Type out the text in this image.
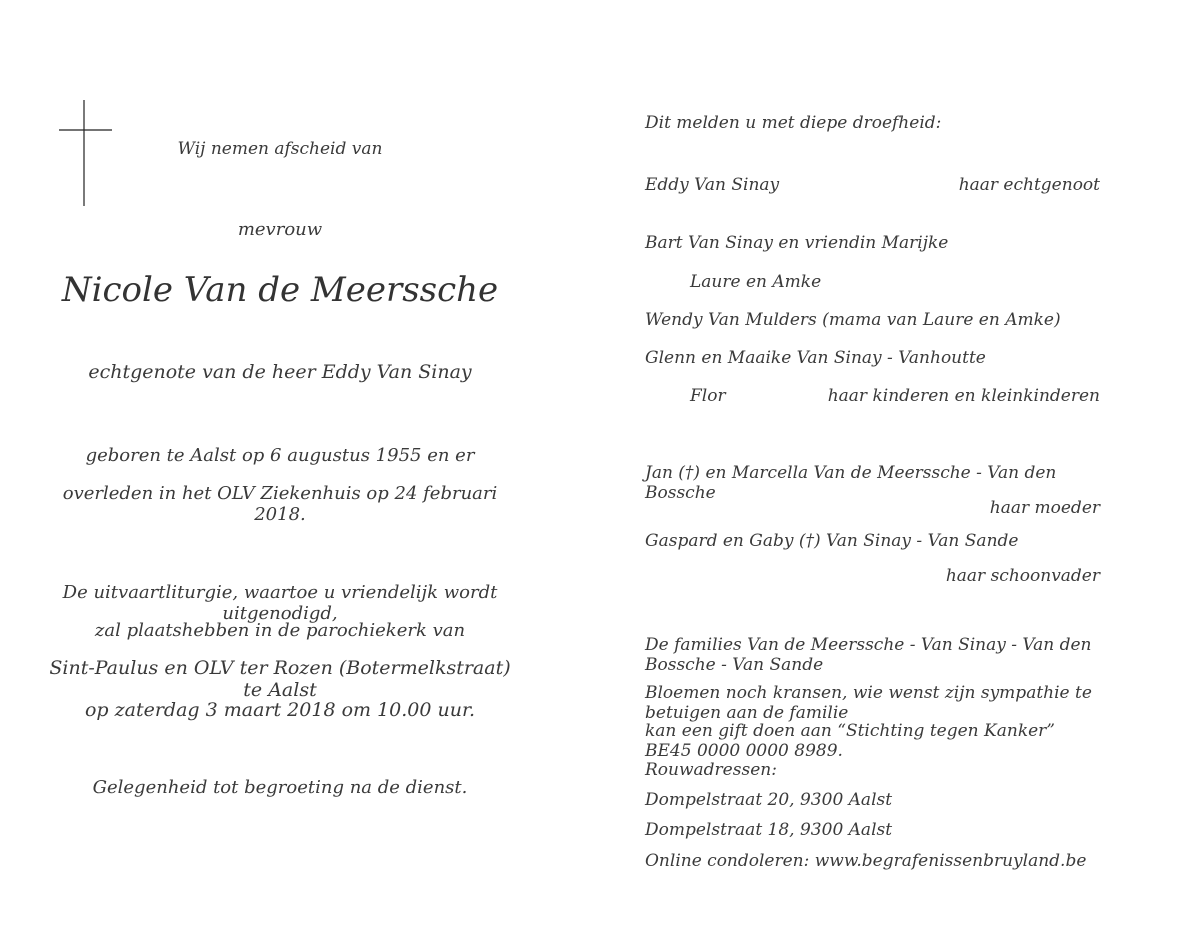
Wij nemen afscheid van
mevrouw
Nicole Van de Meerssche
echtgenote van de heer Eddy Van Sinay
geboren te Aalst op 6 augustus 1955 en er
overleden in het OLV Ziekenhuis op 24 februari 2018.
De uitvaartliturgie, waartoe u vriendelijk wordt uitgenodigd,
zal plaatshebben in de parochiekerk van
Sint-Paulus en OLV ter Rozen (Botermelkstraat) te Aalst
op zaterdag 3 maart 2018 om 10.00 uur.
Gelegenheid tot begroeting na de dienst.
Dit melden u met diepe droefheid:
Eddy Van Sinay	haar echtgenoot
Bart Van Sinay en vriendin Marijke
Laure en Amke
Wendy Van Mulders (mama van Laure en Amke)
Glenn en Maaike Van Sinay - Vanhoutte
Flor	haar kinderen en kleinkinderen
Jan (†) en Marcella Van de Meerssche - Van den Bossche
haar moeder
Gaspard en Gaby (†) Van Sinay - Van Sande
haar schoonvader
De families Van de Meerssche - Van Sinay - Van den Bossche - Van Sande
Bloemen noch kransen, wie wenst zijn sympathie te betuigen aan de familie
kan een gift doen aan “Stichting tegen Kanker” BE45 0000 0000 8989.
Rouwadressen:
Dompelstraat 20, 9300 Aalst
Dompelstraat 18, 9300 Aalst
Online condoleren: www.begrafenissenbruyland.be
